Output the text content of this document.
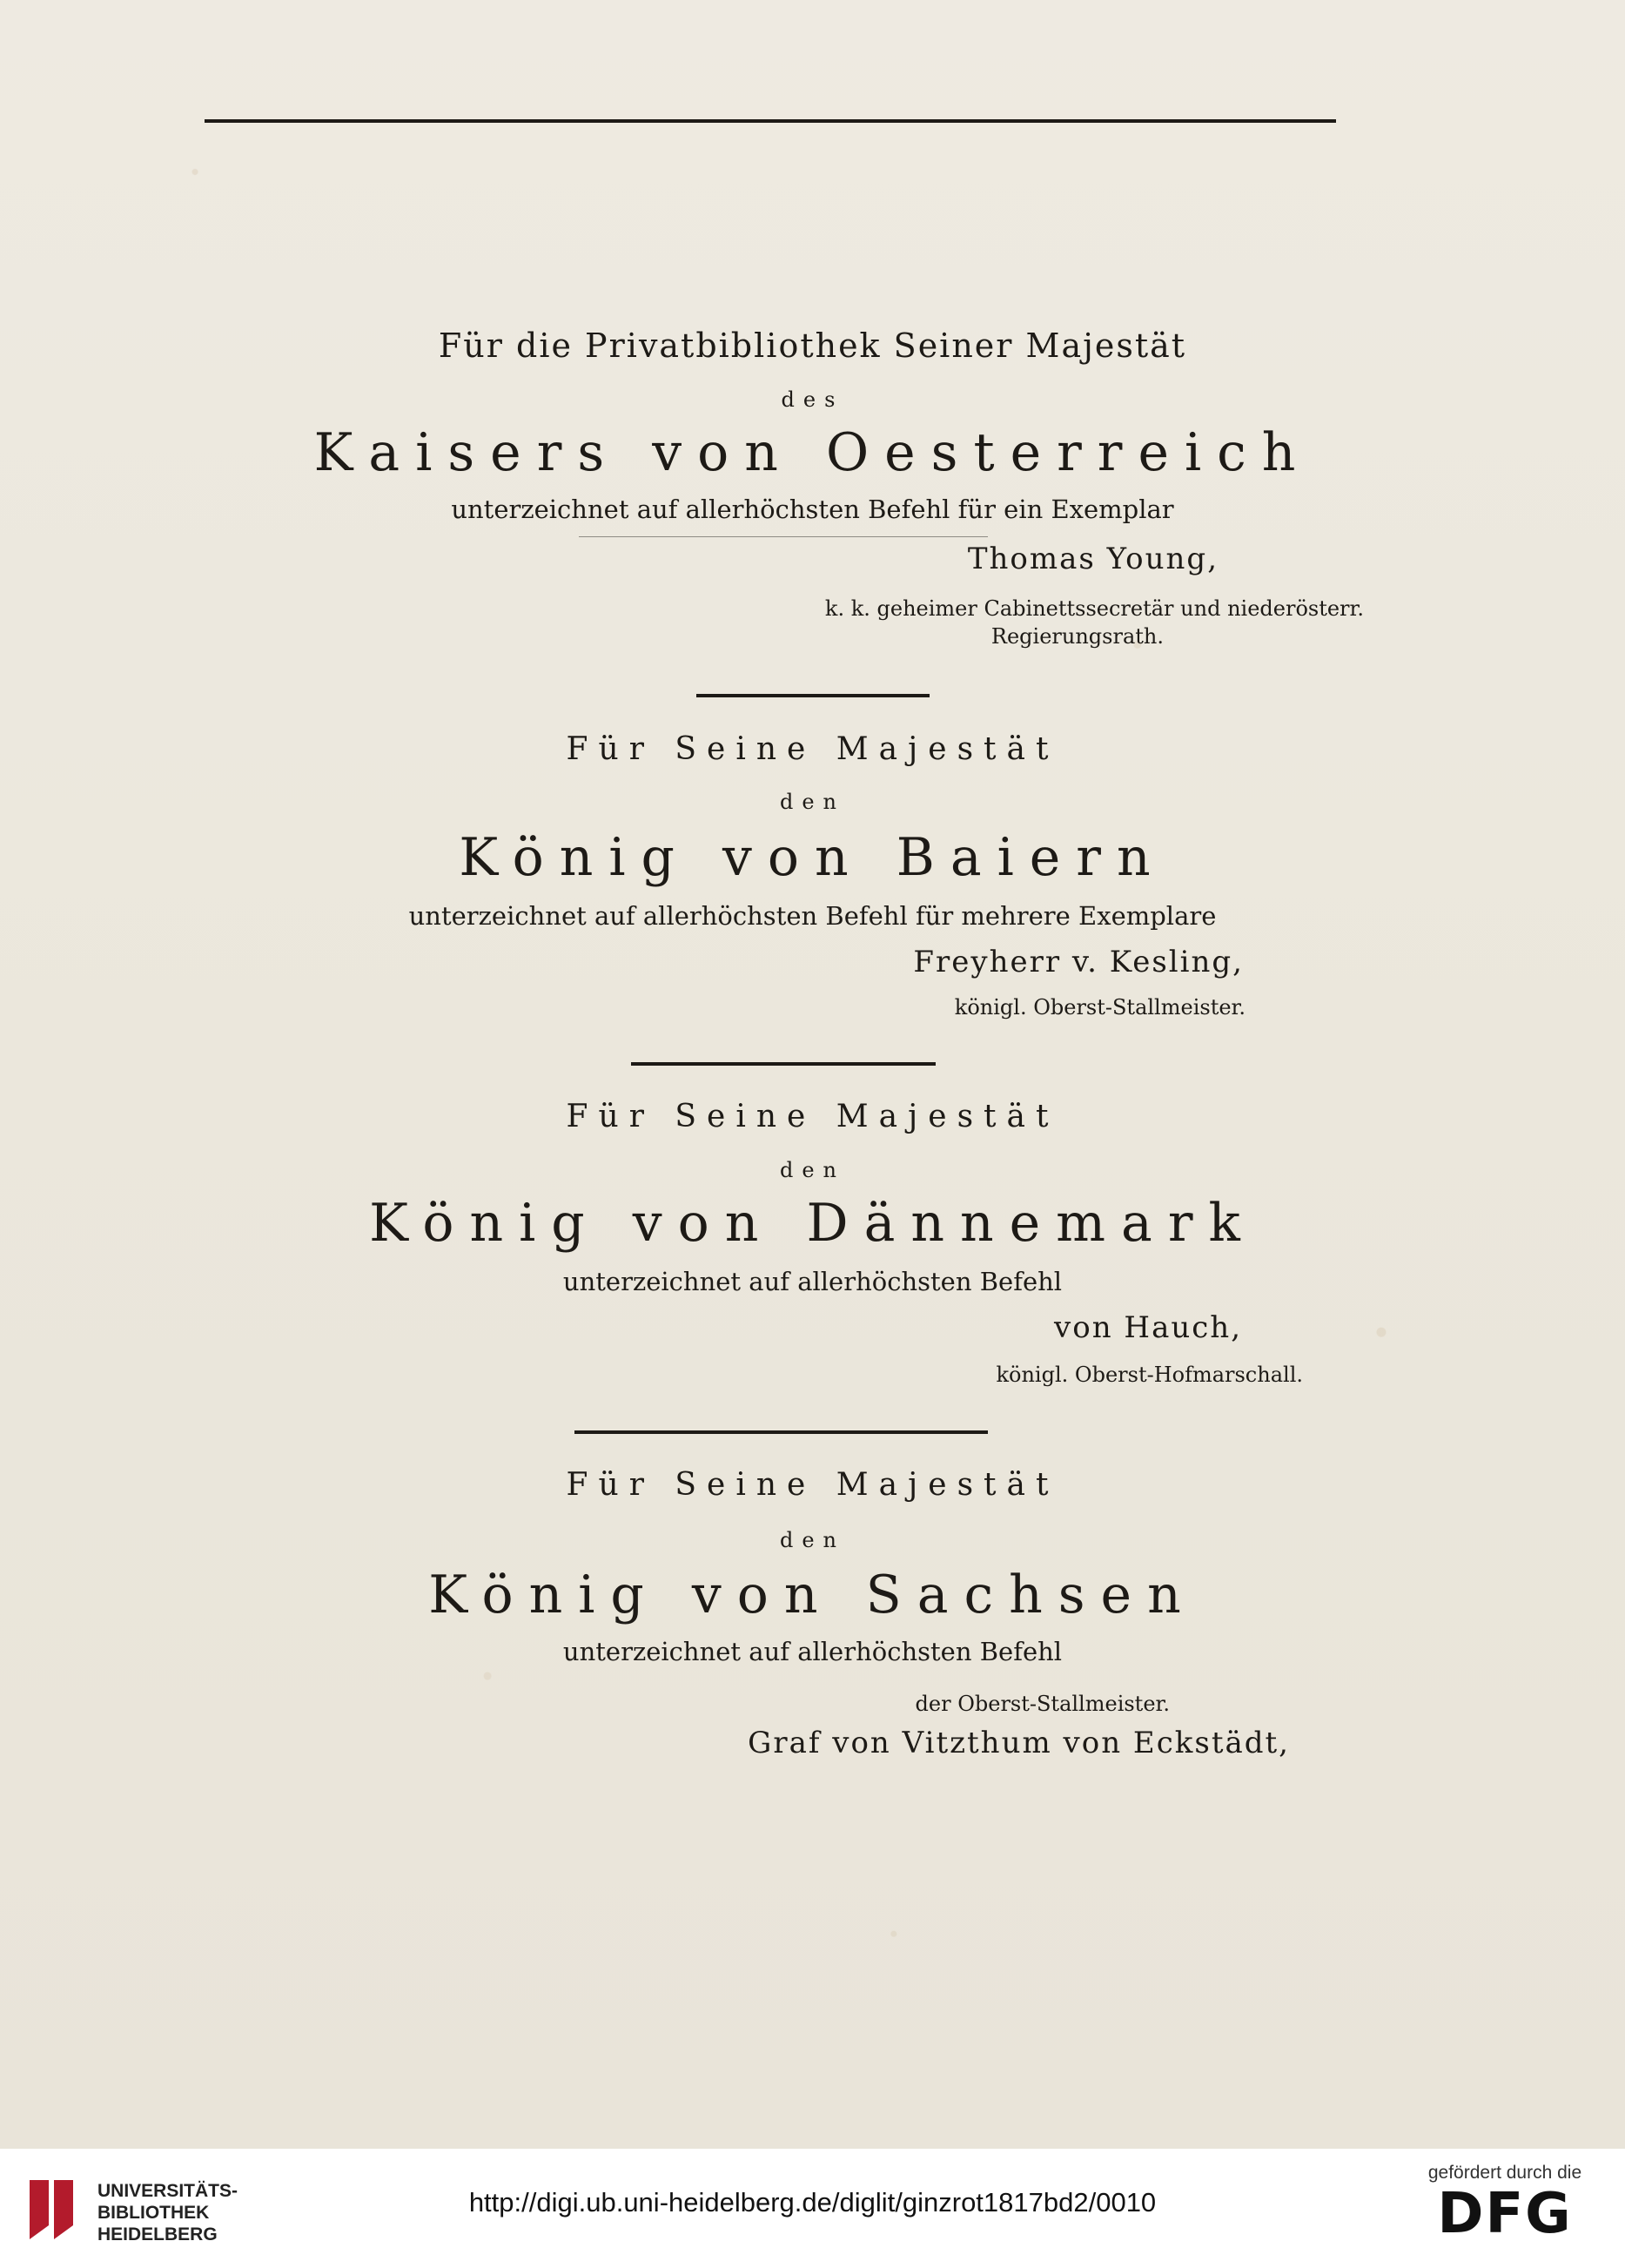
Für die Privatbibliothek Seiner Majestät
des
Kaisers von Oesterreich
unterzeichnet auf allerhöchsten Befehl für ein Exemplar
Thomas Young,
k. k. geheimer Cabinettssecretär und niederösterr.
Regierungsrath.
Für Seine Majestät
den
König von Baiern
unterzeichnet auf allerhöchsten Befehl für mehrere Exemplare
Freyherr v. Kesling,
königl. Oberst-Stallmeister.
Für Seine Majestät
den
König von Dännemark
unterzeichnet auf allerhöchsten Befehl
von Hauch,
königl. Oberst-Hofmarschall.
Für Seine Majestät
den
König von Sachsen
unterzeichnet auf allerhöchsten Befehl
der Oberst-Stallmeister.
Graf von Vitzthum von Eckstädt,
UNIVERSITÄTS-
BIBLIOTHEK
HEIDELBERG
http://digi.ub.uni-heidelberg.de/diglit/ginzrot1817bd2/0010
gefördert durch die
DFG
